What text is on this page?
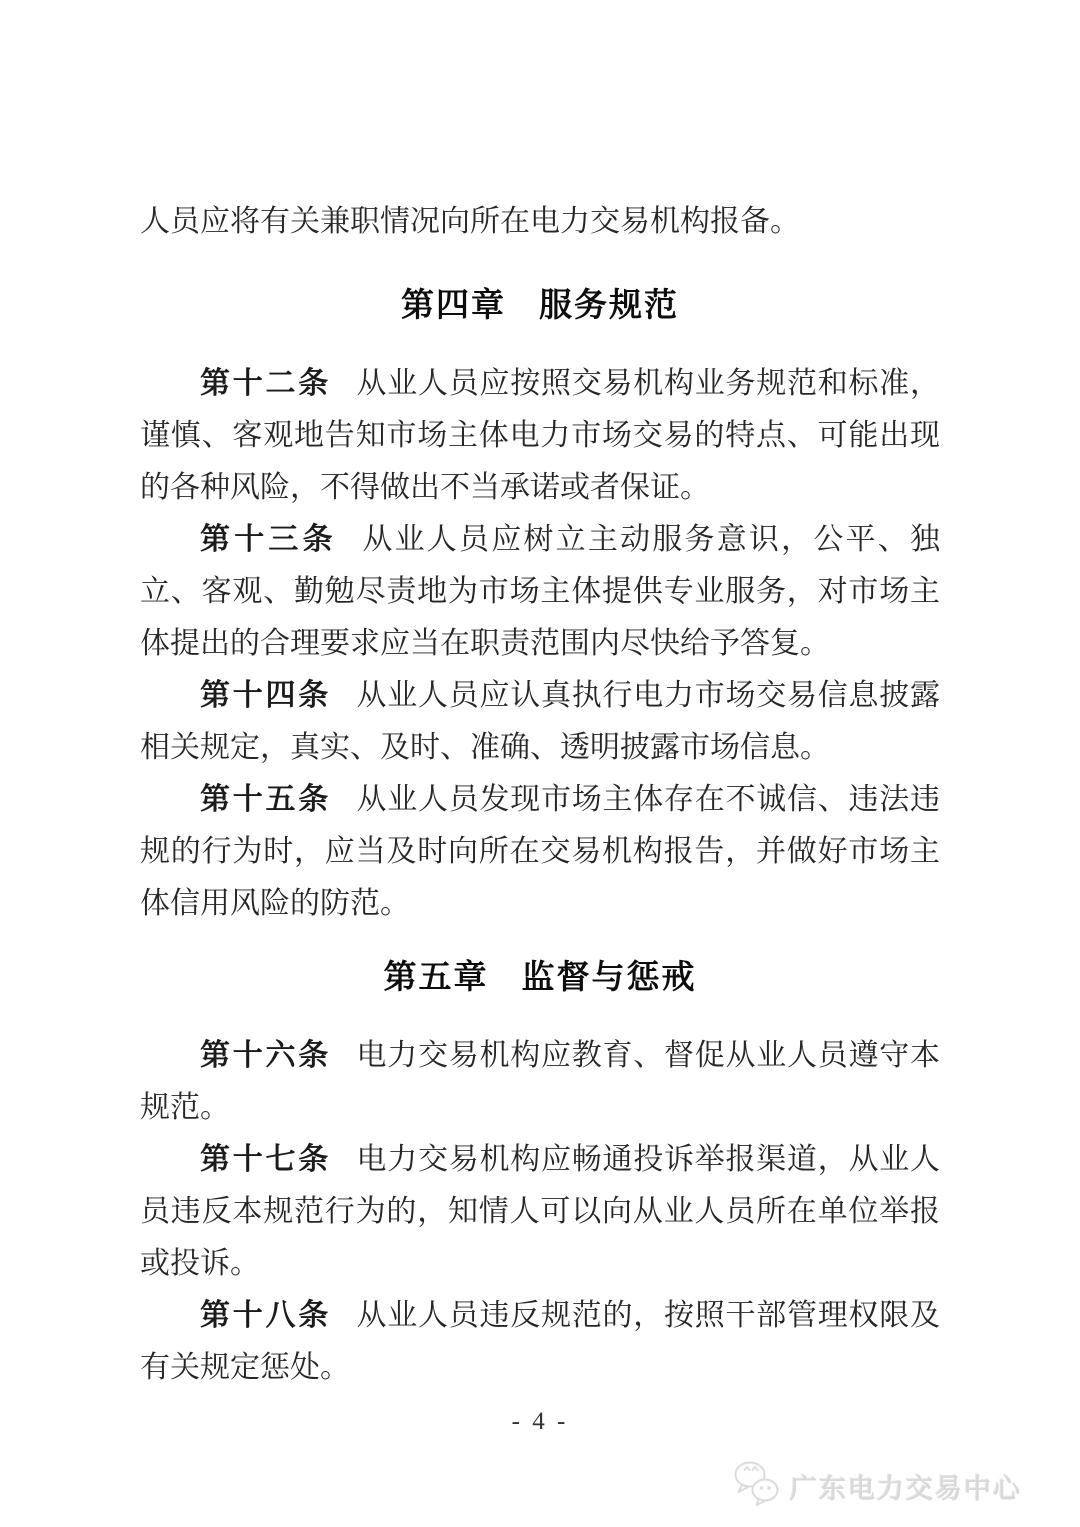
人员应将有关兼职情况向所在电力交易机构报备。

第四章 服务规范

第十二条 从业人员应按照交易机构业务规范和标准，谨慎、客观地告知市场主体电力市场交易的特点、可能出现的各种风险，不得做出不当承诺或者保证。

第十三条 从业人员应树立主动服务意识，公平、独立、客观、勤勉尽责地为市场主体提供专业服务，对市场主体提出的合理要求应当在职责范围内尽快给予答复。

第十四条 从业人员应认真执行电力市场交易信息披露相关规定，真实、及时、准确、透明披露市场信息。

第十五条 从业人员发现市场主体存在不诚信、违法违规的行为时，应当及时向所在交易机构报告，并做好市场主体信用风险的防范。

第五章 监督与惩戒

第十六条 电力交易机构应教育、督促从业人员遵守本规范。

第十七条 电力交易机构应畅通投诉举报渠道，从业人员违反本规范行为的，知情人可以向从业人员所在单位举报或投诉。

第十八条 从业人员违反规范的，按照干部管理权限及有关规定惩处。

- 4 -
广东电力交易中心
